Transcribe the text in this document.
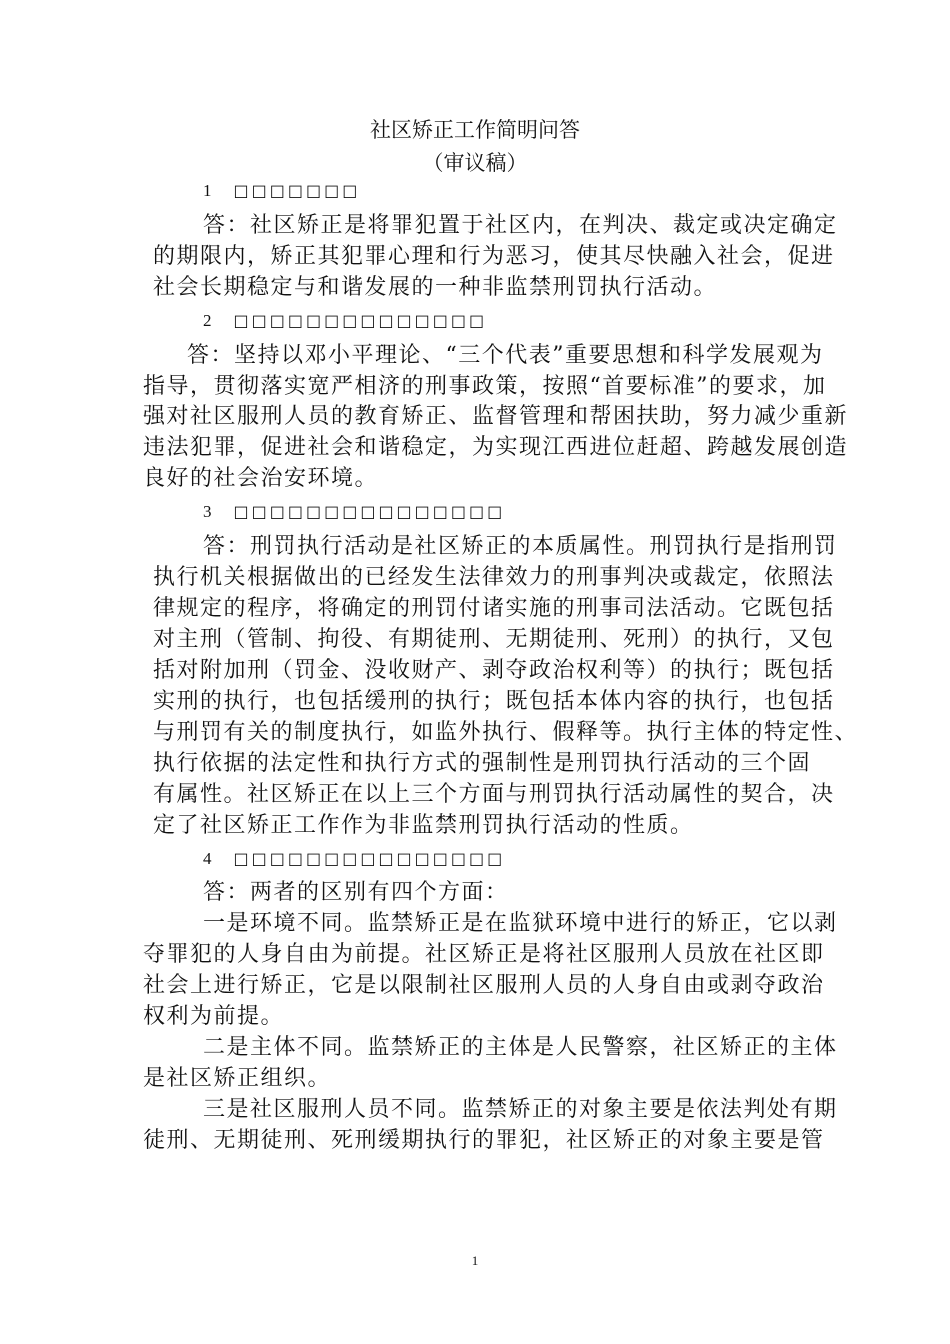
社区矫正工作简明问答
（审议稿）
1 □□□□□□□
答：社区矫正是将罪犯置于社区内，在判决、裁定或决定确定
的期限内，矫正其犯罪心理和行为恶习，使其尽快融入社会，促进
社会长期稳定与和谐发展的一种非监禁刑罚执行活动。
2 □□□□□□□□□□□□□□
答：坚持以邓小平理论、“三个代表”重要思想和科学发展观为
指导，贯彻落实宽严相济的刑事政策，按照“首要标准”的要求，加
强对社区服刑人员的教育矫正、监督管理和帮困扶助，努力减少重新
违法犯罪，促进社会和谐稳定，为实现江西进位赶超、跨越发展创造
良好的社会治安环境。
3 □□□□□□□□□□□□□□□
答：刑罚执行活动是社区矫正的本质属性。刑罚执行是指刑罚
执行机关根据做出的已经发生法律效力的刑事判决或裁定，依照法
律规定的程序，将确定的刑罚付诸实施的刑事司法活动。它既包括
对主刑（管制、拘役、有期徒刑、无期徒刑、死刑）的执行，又包
括对附加刑（罚金、没收财产、剥夺政治权利等）的执行；既包括
实刑的执行，也包括缓刑的执行；既包括本体内容的执行，也包括
与刑罚有关的制度执行，如监外执行、假释等。执行主体的特定性、
执行依据的法定性和执行方式的强制性是刑罚执行活动的三个固
有属性。社区矫正在以上三个方面与刑罚执行活动属性的契合，决
定了社区矫正工作作为非监禁刑罚执行活动的性质。
4 □□□□□□□□□□□□□□□
答：两者的区别有四个方面：
一是环境不同。监禁矫正是在监狱环境中进行的矫正，它以剥
夺罪犯的人身自由为前提。社区矫正是将社区服刑人员放在社区即
社会上进行矫正，它是以限制社区服刑人员的人身自由或剥夺政治
权利为前提。
二是主体不同。监禁矫正的主体是人民警察，社区矫正的主体
是社区矫正组织。
三是社区服刑人员不同。监禁矫正的对象主要是依法判处有期
徒刑、无期徒刑、死刑缓期执行的罪犯，社区矫正的对象主要是管
1
